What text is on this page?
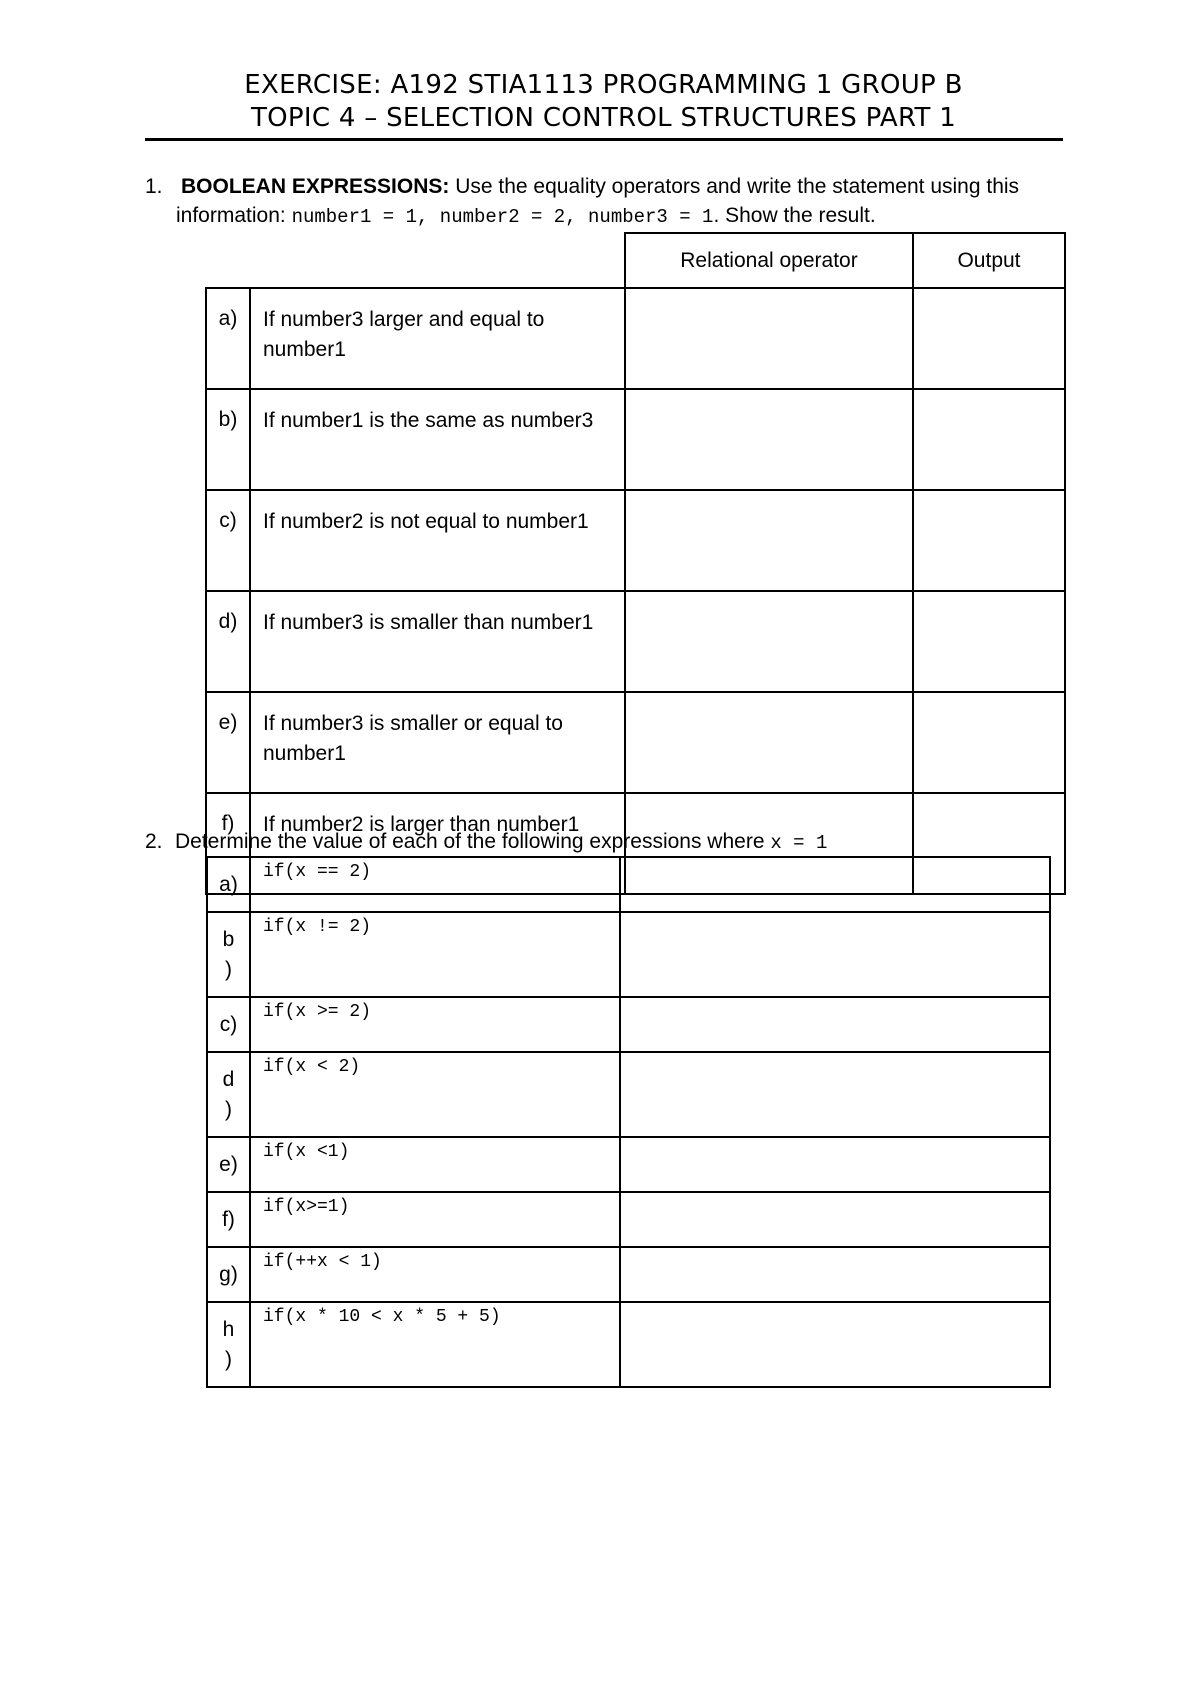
EXERCISE: A192 STIA1113 PROGRAMMING 1 GROUP B
TOPIC 4 – SELECTION CONTROL STRUCTURES PART 1
1. BOOLEAN EXPRESSIONS: Use the equality operators and write the statement using this
information: number1 = 1, number2 = 2, number3 = 1. Show the result.
		Relational operator	Output
a)	If number3 larger and equal to number1		
b)	If number1 is the same as number3		
c)	If number2 is not equal to number1		
d)	If number3 is smaller than number1		
e)	If number3 is smaller or equal to number1		
f)	If number2 is larger than number1		
2. Determine the value of each of the following expressions where x = 1
a)	if(x == 2)	
b
)	if(x != 2)	
c)	if(x >= 2)	
d
)	if(x < 2)	
e)	if(x <1)	
f)	if(x>=1)	
g)	if(++x < 1)	
h
)	if(x * 10 < x * 5 + 5)	
